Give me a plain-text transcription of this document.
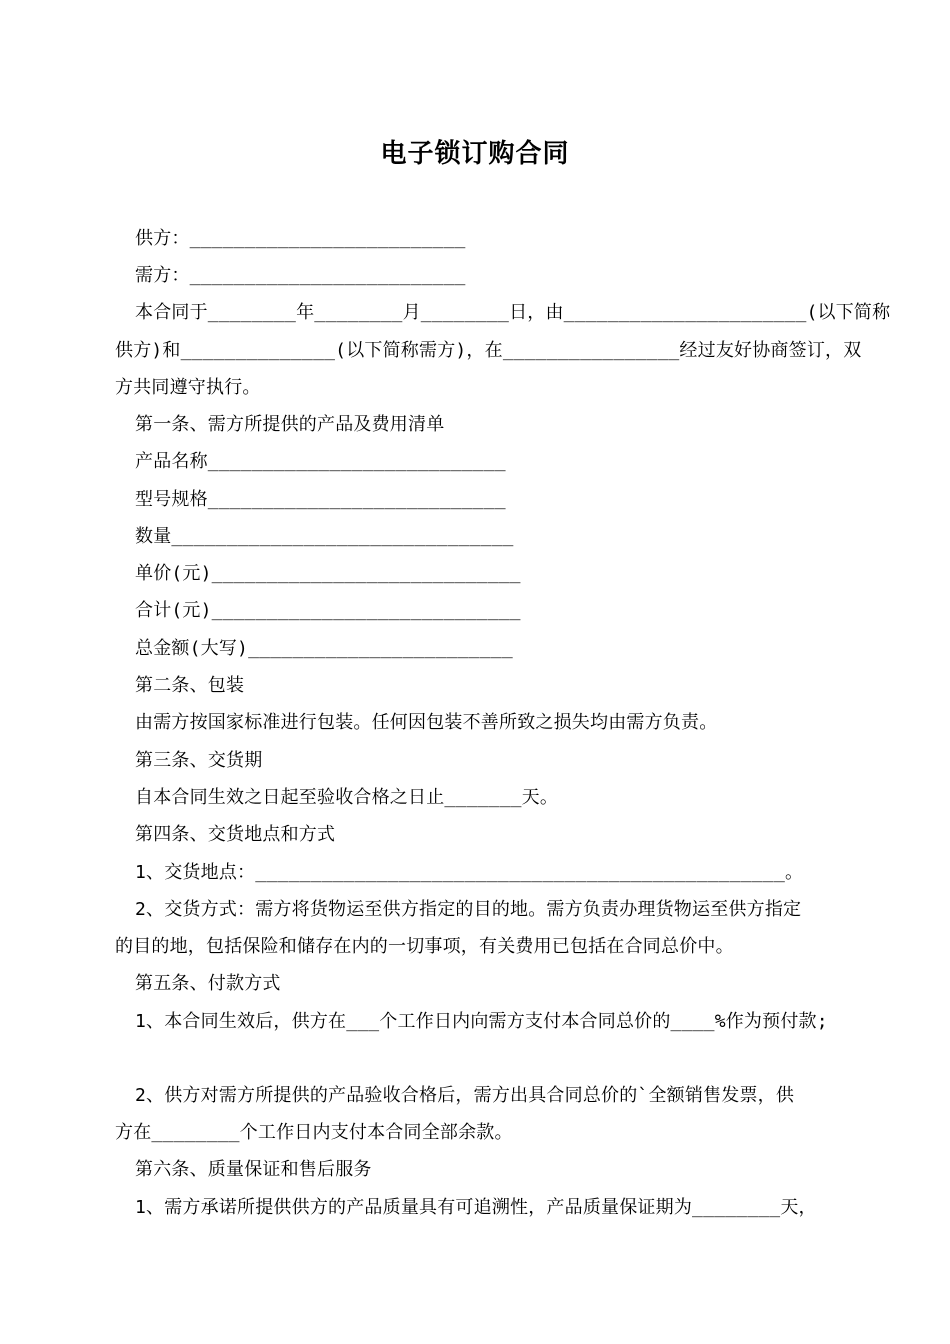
电子锁订购合同
供方：_________________________
需方：_________________________
本合同于________年________月________日，由______________________(以下简称
供方)和______________(以下简称需方)，在________________经过友好协商签订，双
方共同遵守执行。
第一条、需方所提供的产品及费用清单
产品名称___________________________
型号规格___________________________
数量_______________________________
单价(元)____________________________
合计(元)____________________________
总金额(大写)________________________
第二条、包装
由需方按国家标准进行包装。任何因包装不善所致之损失均由需方负责。
第三条、交货期
自本合同生效之日起至验收合格之日止_______天。
第四条、交货地点和方式
1、交货地点：________________________________________________。
2、交货方式：需方将货物运至供方指定的目的地。需方负责办理货物运至供方指定
的目的地，包括保险和储存在内的一切事项，有关费用已包括在合同总价中。
第五条、付款方式
1、本合同生效后，供方在___个工作日内向需方支付本合同总价的____%作为预付款;
2、供方对需方所提供的产品验收合格后，需方出具合同总价的`全额销售发票，供
方在________个工作日内支付本合同全部余款。
第六条、质量保证和售后服务
1、需方承诺所提供供方的产品质量具有可追溯性，产品质量保证期为________天，
